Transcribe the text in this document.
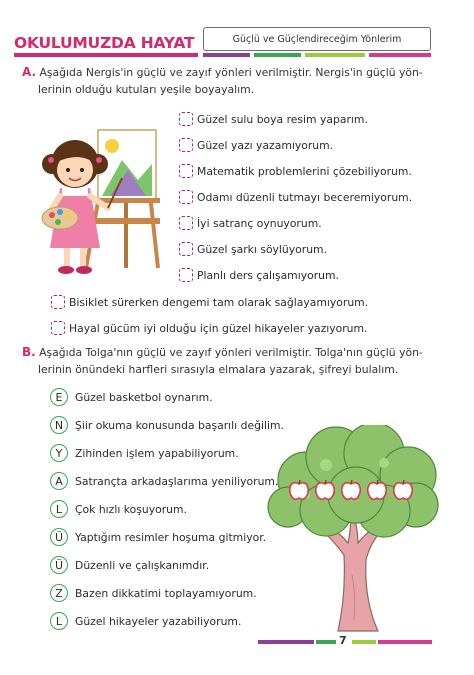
OKULUMUZDA HAYAT	Güçlü ve Güçlendireceğim Yönlerim
A. Aşağıda Nergis'in güçlü ve zayıf yönleri verilmiştir. Nergis'in güçlü yön-
lerinin olduğu kutuları yeşile boyayalım.
Güzel sulu boya resim yaparım.
Güzel yazı yazamıyorum.
Matematik problemlerini çözebiliyorum.
Odamı düzenli tutmayı beceremiyorum.
İyi satranç oynuyorum.
Güzel şarkı söylüyorum.
Planlı ders çalışamıyorum.
Bisiklet sürerken dengemi tam olarak sağlayamıyorum.
Hayal gücüm iyi olduğu için güzel hikayeler yazıyorum.
B. Aşağıda Tolga'nın güçlü ve zayıf yönleri verilmiştir. Tolga'nın güçlü yön-
lerinin önündeki harfleri sırasıyla elmalara yazarak, şifreyi bulalım.
E	Güzel basketbol oynarım.
N	Şiir okuma konusunda başarılı değilim.
Y	Zihinden işlem yapabiliyorum.
A	Satrançta arkadaşlarıma yeniliyorum.
L	Çok hızlı koşuyorum.
Ü	Yaptığım resimler hoşuma gitmiyor.
Ü	Düzenli ve çalışkanımdır.
Z	Bazen dikkatimi toplayamıyorum.
L	Güzel hikayeler yazabiliyorum.
7
